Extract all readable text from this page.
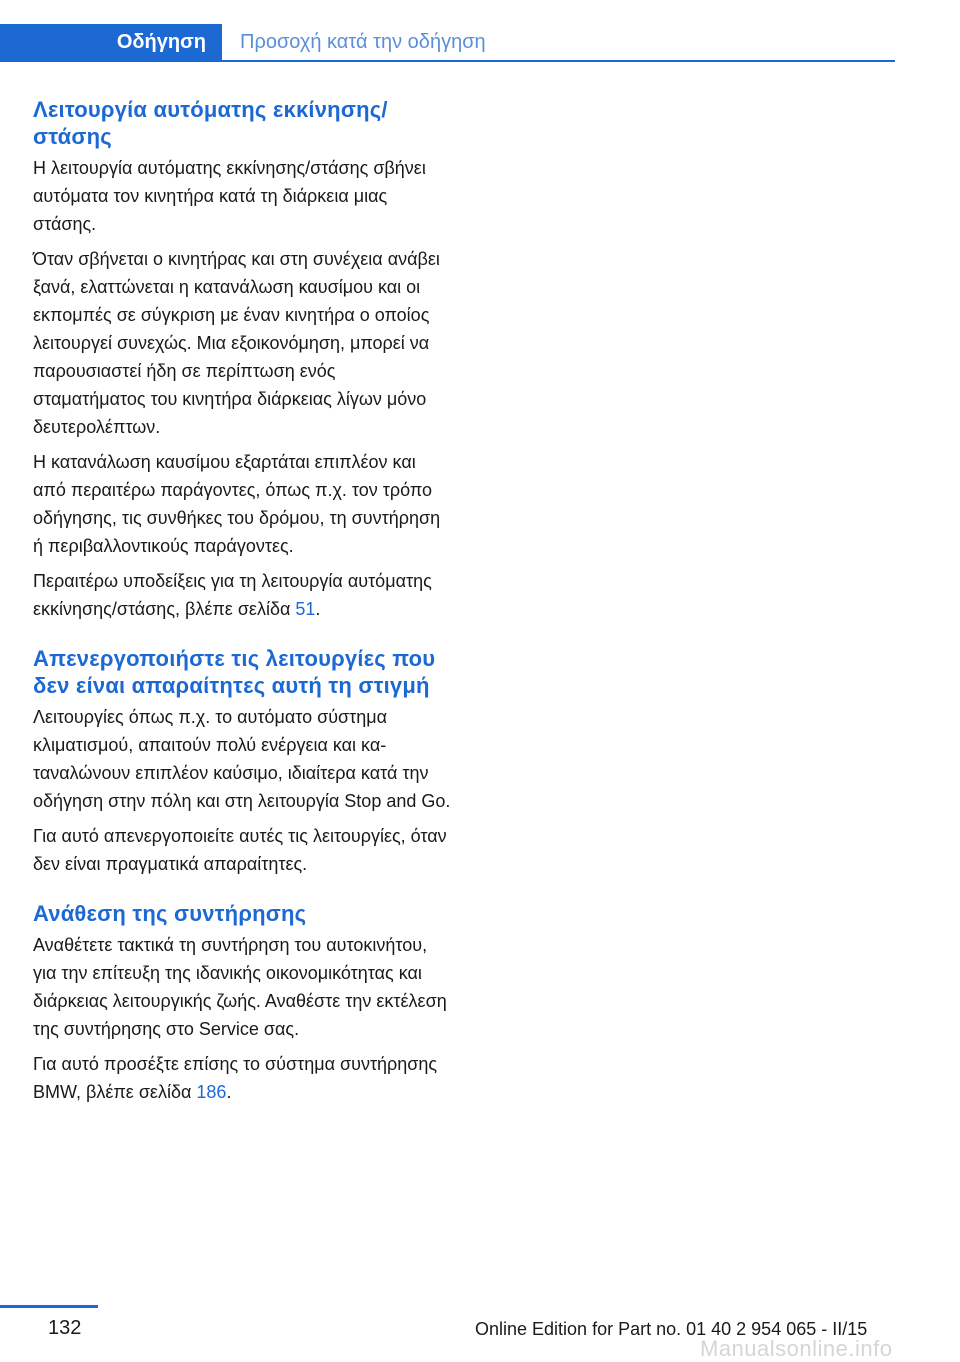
Οδήγηση	Προσοχή κατά την οδήγηση
Λειτουργία αυτόματης εκκίνησης/ στάσης

Η λειτουργία αυτόματης εκκίνησης/στάσης σβήνει αυτόματα τον κινητήρα κατά τη διάρκεια μιας στάσης.

Όταν σβήνεται ο κινητήρας και στη συνέχεια ανάβει ξανά, ελαττώνεται η κατανάλωση καυσίμου και οι εκπομπές σε σύγκριση με έναν κινητήρα ο οποίος λειτουργεί συνεχώς. Μια εξοικονόμηση, μπορεί να παρουσιαστεί ήδη σε περίπτωση ενός σταματήματος του κινητήρα διάρκειας λίγων μόνο δευτερολέπτων.

Η κατανάλωση καυσίμου εξαρτάται επιπλέον και από περαιτέρω παράγοντες, όπως π.χ. τον τρόπο οδήγησης, τις συνθήκες του δρόμου, τη συντήρηση ή περιβαλλοντικούς παράγοντες.

Περαιτέρω υποδείξεις για τη λειτουργία αυτόματης εκκίνησης/στάσης, βλέπε σελίδα 51.

Απενεργοποιήστε τις λειτουργίες που δεν είναι απαραίτητες αυτή τη στιγμή

Λειτουργίες όπως π.χ. το αυτόματο σύστημα κλιματισμού, απαιτούν πολύ ενέργεια και καταναλώνουν επιπλέον καύσιμο, ιδιαίτερα κατά την οδήγηση στην πόλη και στη λειτουργία Stop and Go.

Για αυτό απενεργοποιείτε αυτές τις λειτουργίες, όταν δεν είναι πραγματικά απαραίτητες.

Ανάθεση της συντήρησης

Αναθέτετε τακτικά τη συντήρηση του αυτοκινήτου, για την επίτευξη της ιδανικής οικονομικότητας και διάρκειας λειτουργικής ζωής. Αναθέστε την εκτέλεση της συντήρησης στο Service σας.

Για αυτό προσέξτε επίσης το σύστημα συντήρησης BMW, βλέπε σελίδα 186.

132	Online Edition for Part no. 01 40 2 954 065 - II/15
Manualsonline.info
